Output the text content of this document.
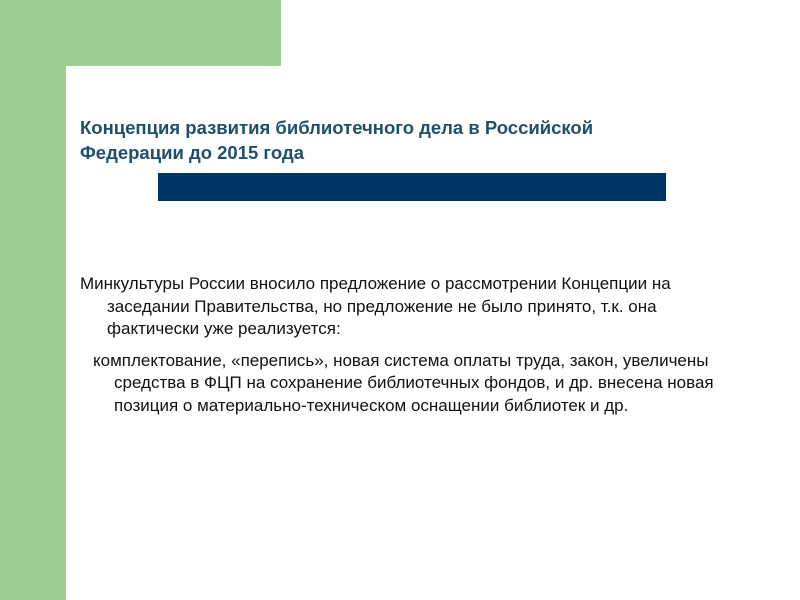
Концепция развития библиотечного дела в Российской Федерации до 2015 года

Минкультуры России вносило предложение о рассмотрении Концепции на заседании Правительства, но предложение не было принято, т.к. она фактически уже реализуется:

комплектование, «перепись», новая система оплаты труда, закон, увеличены средства в ФЦП на сохранение библиотечных фондов, и др. внесена новая позиция о материально-техническом оснащении библиотек и др.
